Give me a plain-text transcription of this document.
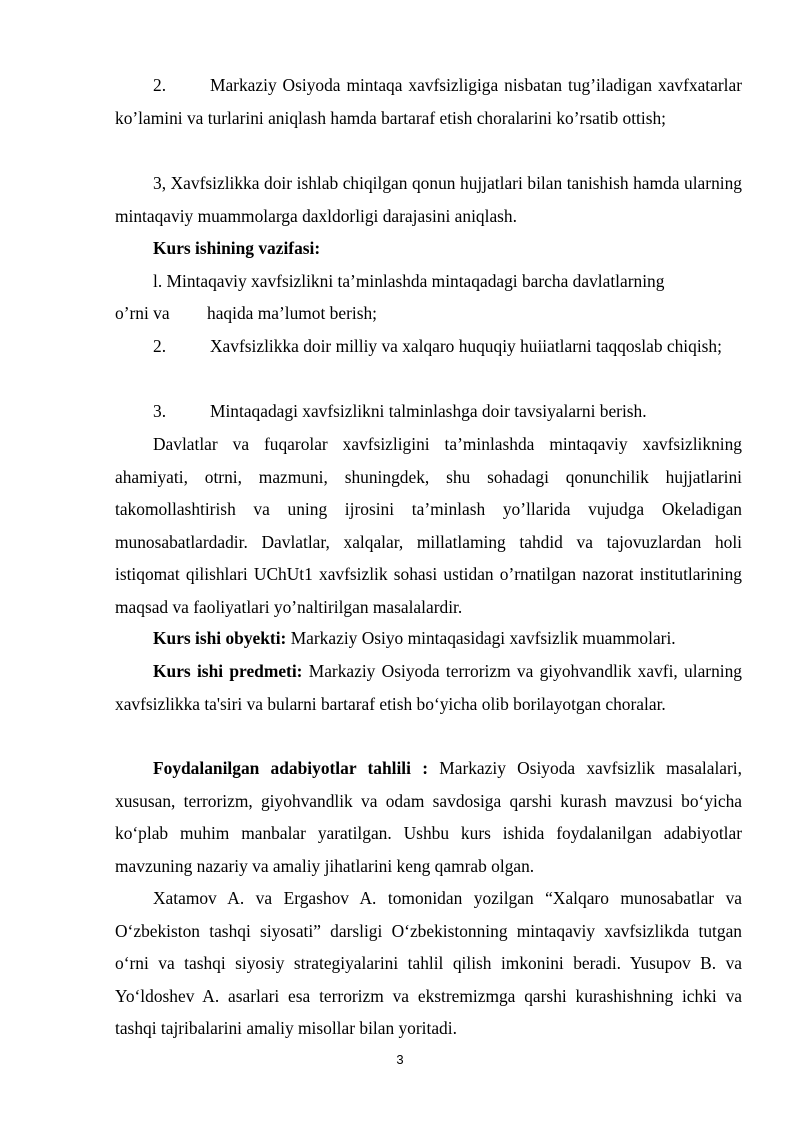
2.	Markaziy Osiyoda mintaqa xavfsizligiga nisbatan tug’iladigan xavfxatarlar ko’lamini va turlarini aniqlash hamda bartaraf etish choralarini ko’rsatib ottish;

3, Xavfsizlikka doir ishlab chiqilgan qonun hujjatlari bilan tanishish hamda ularning mintaqaviy muammolarga daxldorligi darajasini aniqlash.

Kurs ishining vazifasi:

l. Mintaqaviy xavfsizlikni ta’minlashda mintaqadagi barcha davlatlarning

o’rni va haqida ma’lumot berish;

2.	Xavfsizlikka doir milliy va xalqaro huquqiy huiiatlarni taqqoslab chiqish;

3.	Mintaqadagi xavfsizlikni talminlashga doir tavsiyalarni berish.

Davlatlar va fuqarolar xavfsizligini ta’minlashda mintaqaviy xavfsizlikning ahamiyati, otrni, mazmuni, shuningdek, shu sohadagi qonunchilik hujjatlarini takomollashtirish va uning ijrosini ta’minlash yo’llarida vujudga Okeladigan munosabatlardadir. Davlatlar, xalqalar, millatlaming tahdid va tajovuzlardan holi istiqomat qilishlari UChUt1 xavfsizlik sohasi ustidan o’rnatilgan nazorat institutlarining maqsad va faoliyatlari yo’naltirilgan masalalardir.

Kurs ishi obyekti: Markaziy Osiyo mintaqasidagi xavfsizlik muammolari.

Kurs ishi predmeti: Markaziy Osiyoda terrorizm va giyohvandlik xavfi, ularning xavfsizlikka ta'siri va bularni bartaraf etish bo‘yicha olib borilayotgan choralar.

Foydalanilgan adabiyotlar tahlili : Markaziy Osiyoda xavfsizlik masalalari, xususan, terrorizm, giyohvandlik va odam savdosiga qarshi kurash mavzusi bo‘yicha ko‘plab muhim manbalar yaratilgan. Ushbu kurs ishida foydalanilgan adabiyotlar mavzuning nazariy va amaliy jihatlarini keng qamrab olgan.

Xatamov A. va Ergashov A. tomonidan yozilgan “Xalqaro munosabatlar va O‘zbekiston tashqi siyosati” darsligi O‘zbekistonning mintaqaviy xavfsizlikda tutgan o‘rni va tashqi siyosiy strategiyalarini tahlil qilish imkonini beradi. Yusupov B. va Yo‘ldoshev A. asarlari esa terrorizm va ekstremizmga qarshi kurashishning ichki va tashqi tajribalarini amaliy misollar bilan yoritadi.

3
